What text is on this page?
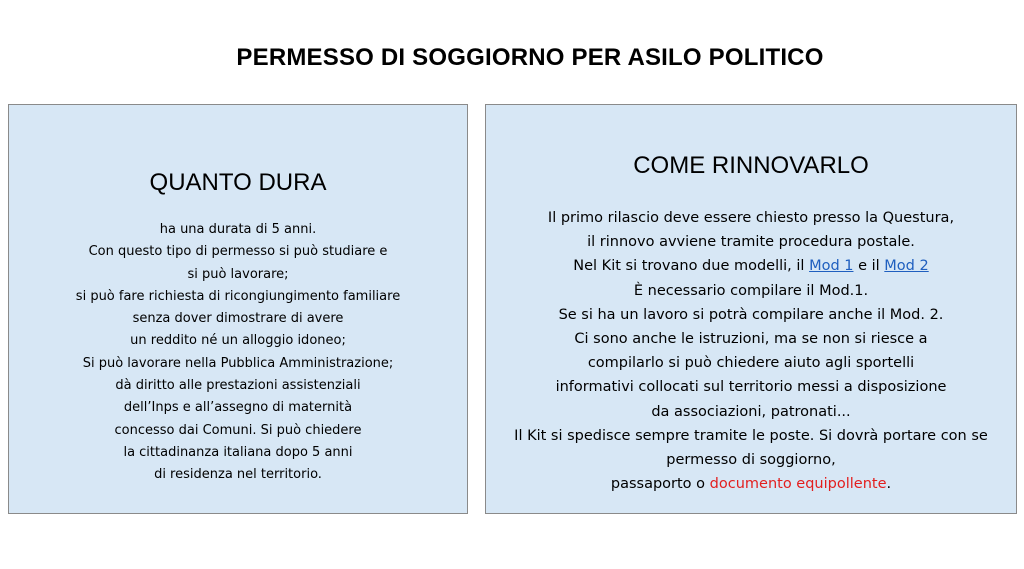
PERMESSO DI SOGGIORNO PER ASILO POLITICO
QUANTO DURA
ha una durata di 5 anni.
Con questo tipo di permesso si può studiare e
si può lavorare;
si può fare richiesta di ricongiungimento familiare
senza dover dimostrare di avere
un reddito né un alloggio idoneo;
Si può lavorare nella Pubblica Amministrazione;
dà diritto alle prestazioni assistenziali
dell’Inps e all’assegno di maternità
concesso dai Comuni. Si può chiedere
la cittadinanza italiana dopo 5 anni
di residenza nel territorio.
COME RINNOVARLO
Il primo rilascio deve essere chiesto presso la Questura,
il rinnovo avviene tramite procedura postale.
Nel Kit si trovano due modelli, il Mod 1 e il Mod 2
È necessario compilare il Mod.1.
Se si ha un lavoro si potrà compilare anche il Mod. 2.
Ci sono anche le istruzioni, ma se non si riesce a
compilarlo si può chiedere aiuto agli sportelli
informativi collocati sul territorio messi a disposizione
da associazioni, patronati...
Il Kit si spedisce sempre tramite le poste. Si dovrà portare con se
permesso di soggiorno,
passaporto o documento equipollente.
